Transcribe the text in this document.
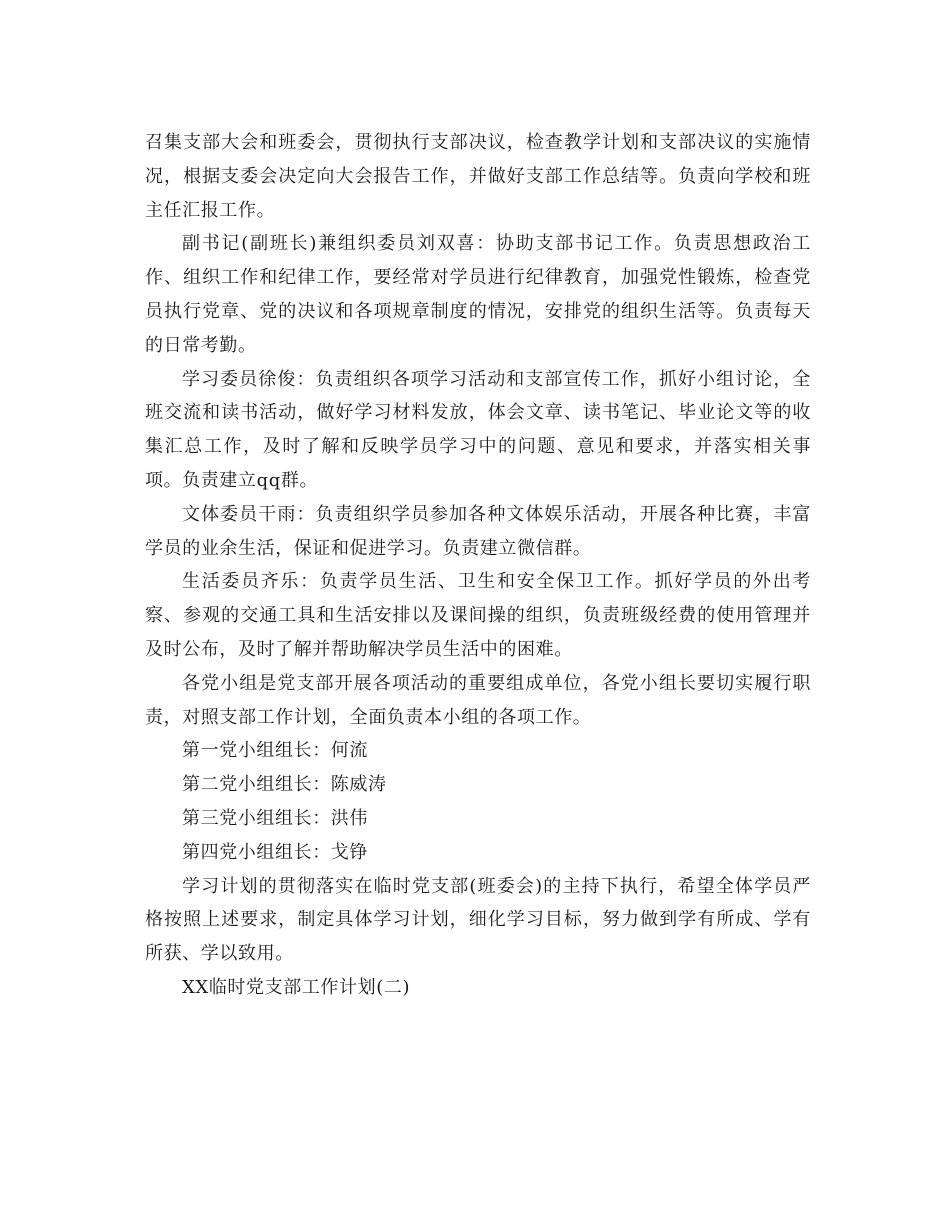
召集支部大会和班委会，贯彻执行支部决议，检查教学计划和支部决议的实施情况，根据支委会决定向大会报告工作，并做好支部工作总结等。负责向学校和班主任汇报工作。

副书记(副班长)兼组织委员刘双喜：协助支部书记工作。负责思想政治工作、组织工作和纪律工作，要经常对学员进行纪律教育，加强党性锻炼，检查党员执行党章、党的决议和各项规章制度的情况，安排党的组织生活等。负责每天的日常考勤。

学习委员徐俊：负责组织各项学习活动和支部宣传工作，抓好小组讨论，全班交流和读书活动，做好学习材料发放，体会文章、读书笔记、毕业论文等的收集汇总工作，及时了解和反映学员学习中的问题、意见和要求，并落实相关事项。负责建立qq群。

文体委员干雨：负责组织学员参加各种文体娱乐活动，开展各种比赛，丰富学员的业余生活，保证和促进学习。负责建立微信群。

生活委员齐乐：负责学员生活、卫生和安全保卫工作。抓好学员的外出考察、参观的交通工具和生活安排以及课间操的组织，负责班级经费的使用管理并及时公布，及时了解并帮助解决学员生活中的困难。

各党小组是党支部开展各项活动的重要组成单位，各党小组长要切实履行职责，对照支部工作计划，全面负责本小组的各项工作。

第一党小组组长：何流

第二党小组组长：陈威涛

第三党小组组长：洪伟

第四党小组组长：戈铮

学习计划的贯彻落实在临时党支部(班委会)的主持下执行，希望全体学员严格按照上述要求，制定具体学习计划，细化学习目标，努力做到学有所成、学有所获、学以致用。

XX临时党支部工作计划(二)
